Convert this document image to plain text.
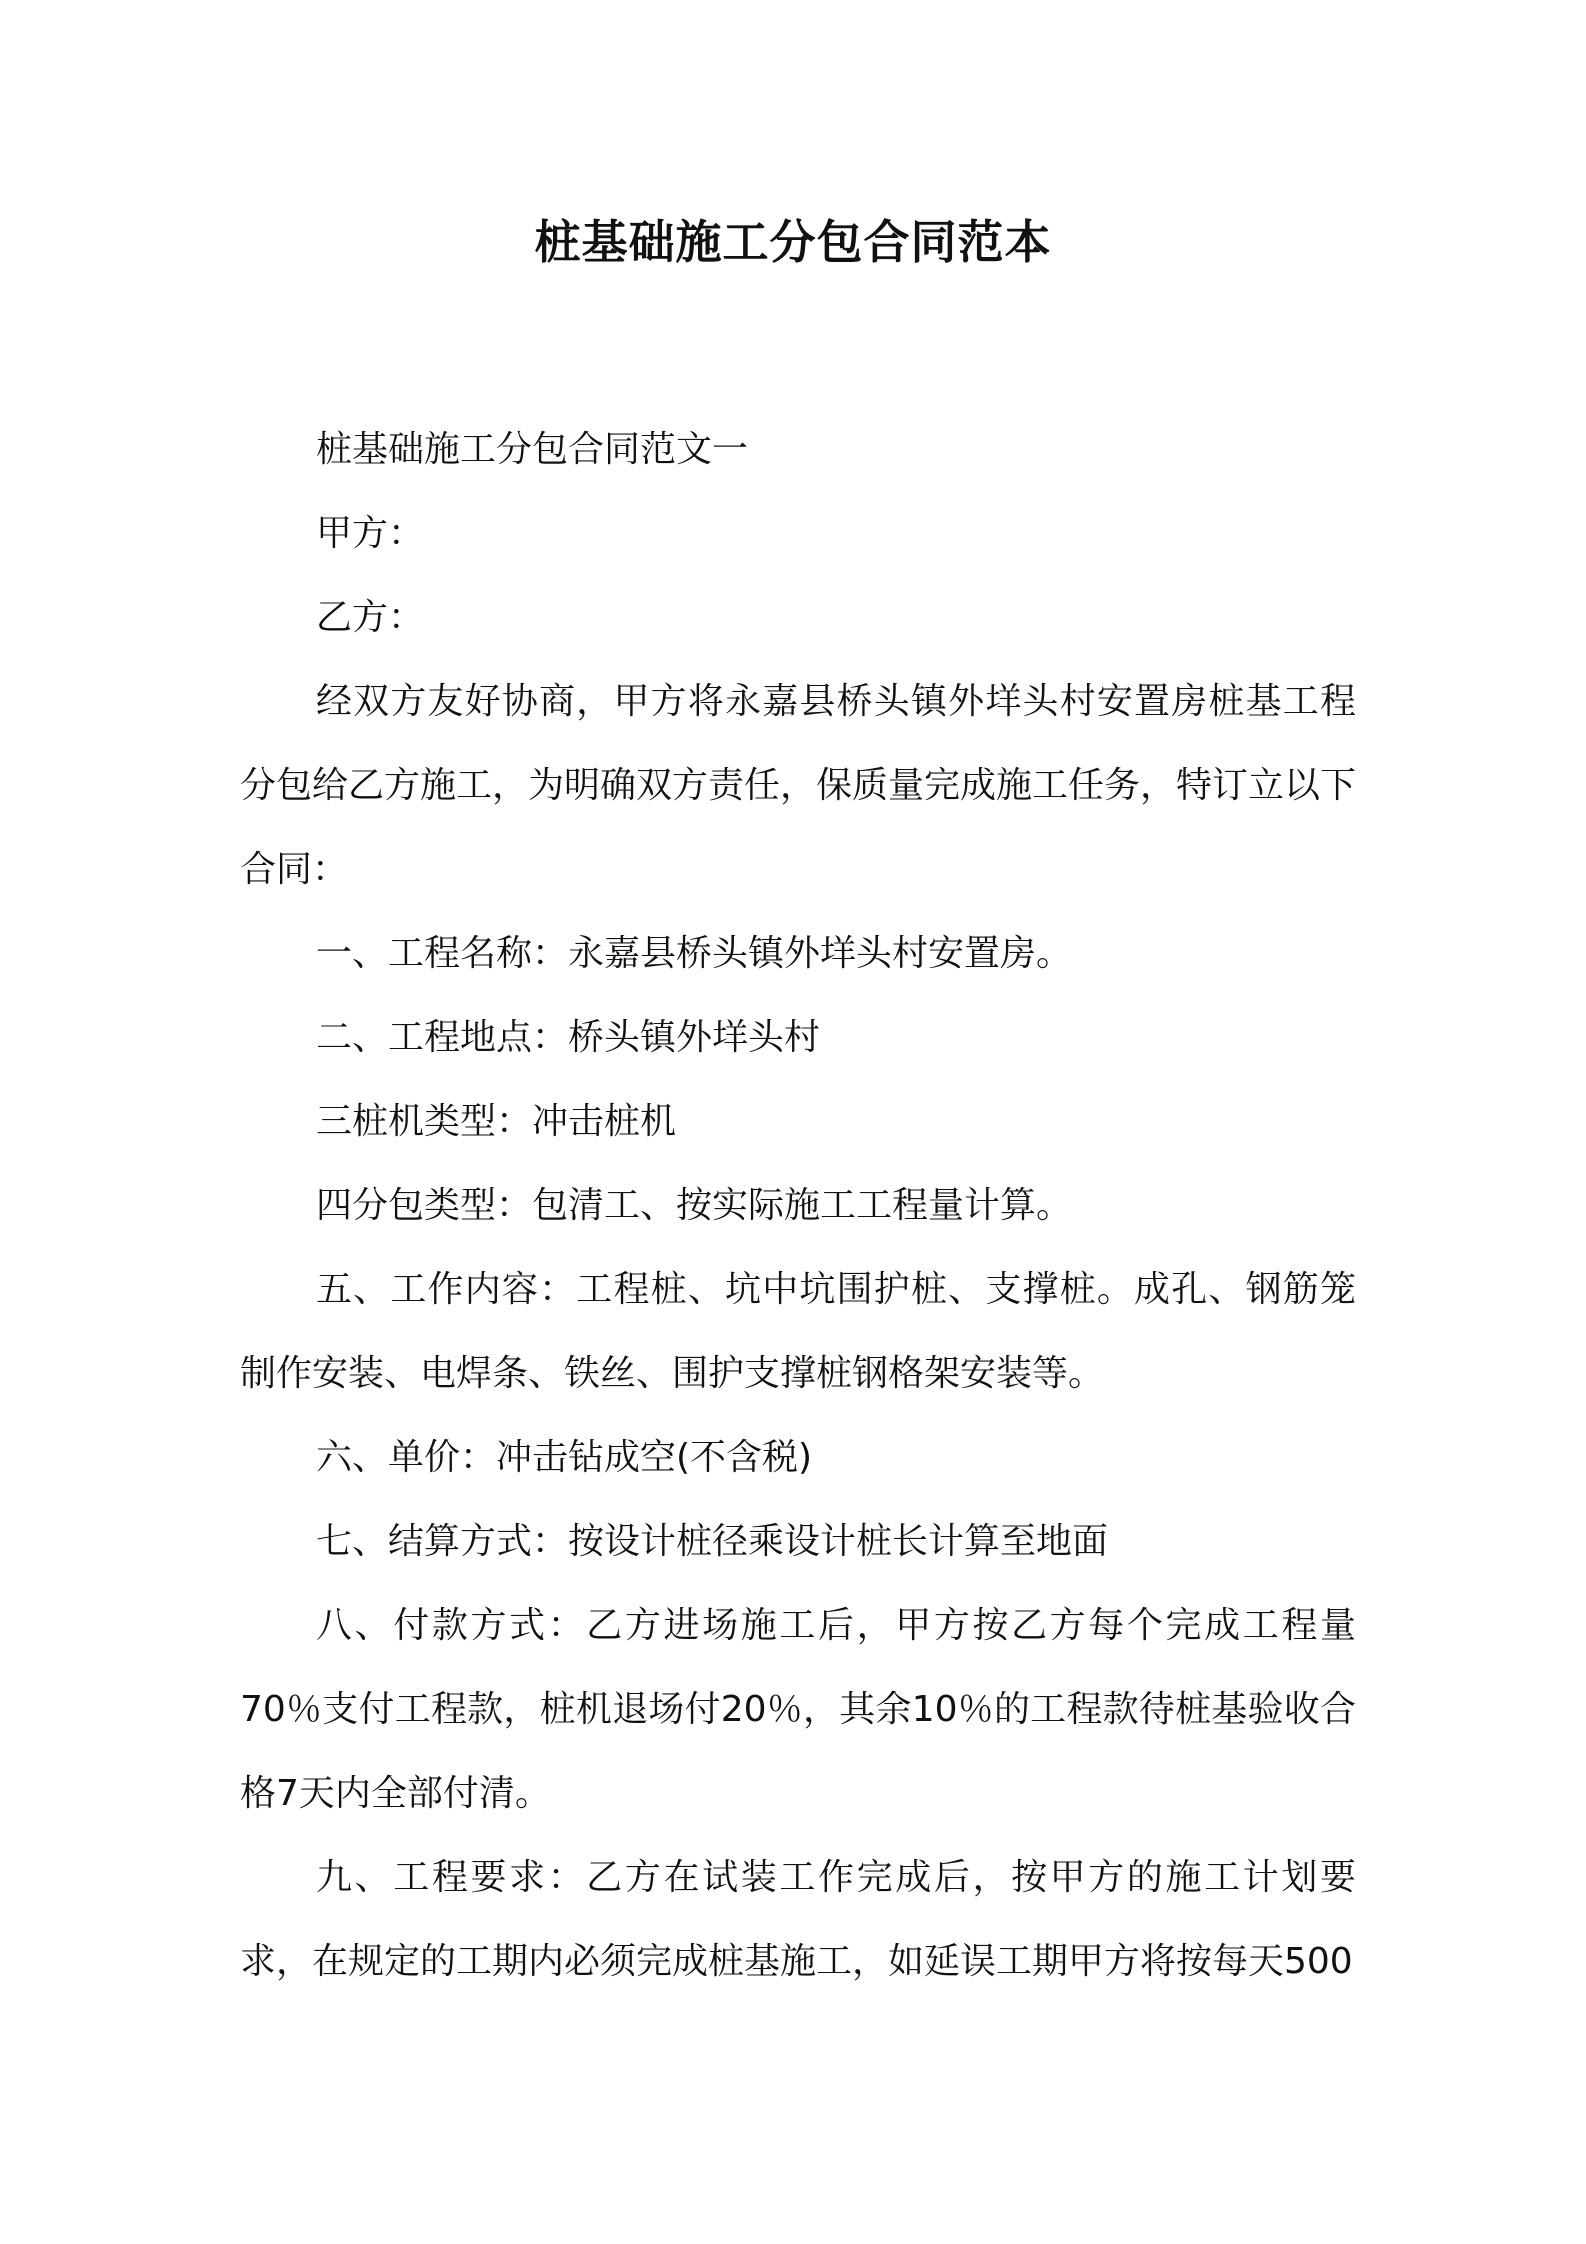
桩基础施工分包合同范本

桩基础施工分包合同范文一

甲方：

乙方：

经双方友好协商，甲方将永嘉县桥头镇外垟头村安置房桩基工程分包给乙方施工，为明确双方责任，保质量完成施工任务，特订立以下合同：

一、工程名称：永嘉县桥头镇外垟头村安置房。

二、工程地点：桥头镇外垟头村

三桩机类型：冲击桩机

四分包类型：包清工、按实际施工工程量计算。

五、工作内容：工程桩、坑中坑围护桩、支撑桩。成孔、钢筋笼制作安装、电焊条、铁丝、围护支撑桩钢格架安装等。

六、单价：冲击钻成空(不含税)

七、结算方式：按设计桩径乘设计桩长计算至地面

八、付款方式：乙方进场施工后，甲方按乙方每个完成工程量70％支付工程款，桩机退场付20％，其余10％的工程款待桩基验收合格7天内全部付清。

九、工程要求：乙方在试装工作完成后，按甲方的施工计划要求，在规定的工期内必须完成桩基施工，如延误工期甲方将按每天500
